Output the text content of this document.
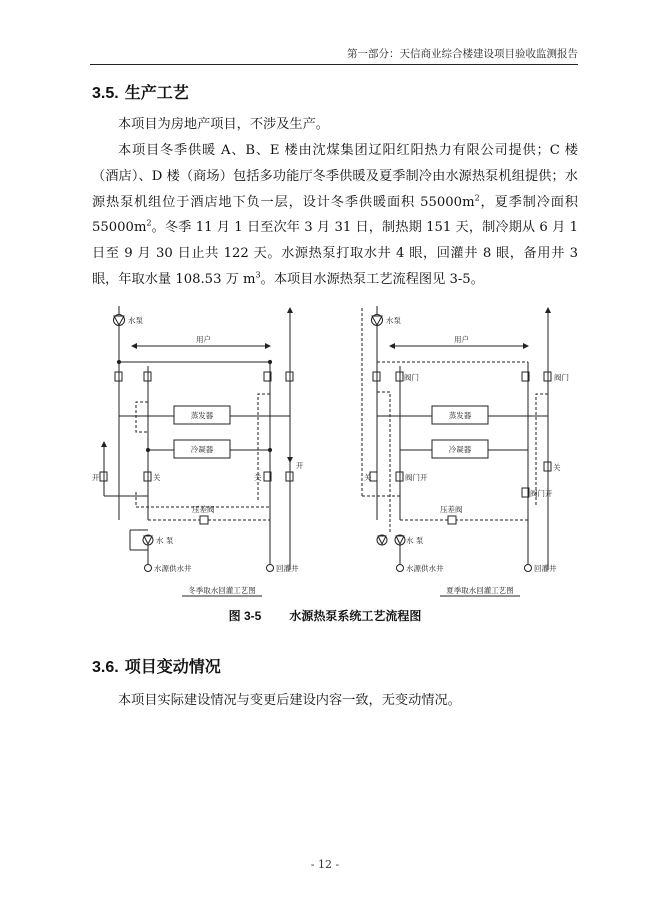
第一部分：天信商业综合楼建设项目验收监测报告
3.5. 生产工艺
本项目为房地产项目，不涉及生产。
本项目冬季供暖 A、B、E 楼由沈煤集团辽阳红阳热力有限公司提供；C 楼（酒店）、D 楼（商场）包括多功能厅冬季供暖及夏季制冷由水源热泵机组提供；水源热泵机组位于酒店地下负一层，设计冬季供暖面积 $55000m^2$，夏季制冷面积 $55000m^2$。冬季 11 月 1 日至次年 3 月 31 日，制热期 151 天，制冷期从 6 月 1 日至 9 月 30 日止共 122 天。水源热泵打取水井 4 眼，回灌井 8 眼，备用井 3 眼，年取水量 108.53 万 $m^3$。本项目水源热泵工艺流程图见 3-5。
水泵
用户
蒸发器
冷凝器
开	关	关
开
压差阀
水 泵
水源供水井	回灌井
冬季取水回灌工艺图
水泵
用户
阀门	阀门
蒸发器
冷凝器
关	阀门开
阀门开
关
压差阀
水 泵
水源供水井	回灌井
夏季取水回灌工艺图
图 3-5 水源热泵系统工艺流程图
3.6. 项目变动情况
本项目实际建设情况与变更后建设内容一致，无变动情况。
- 12 -
